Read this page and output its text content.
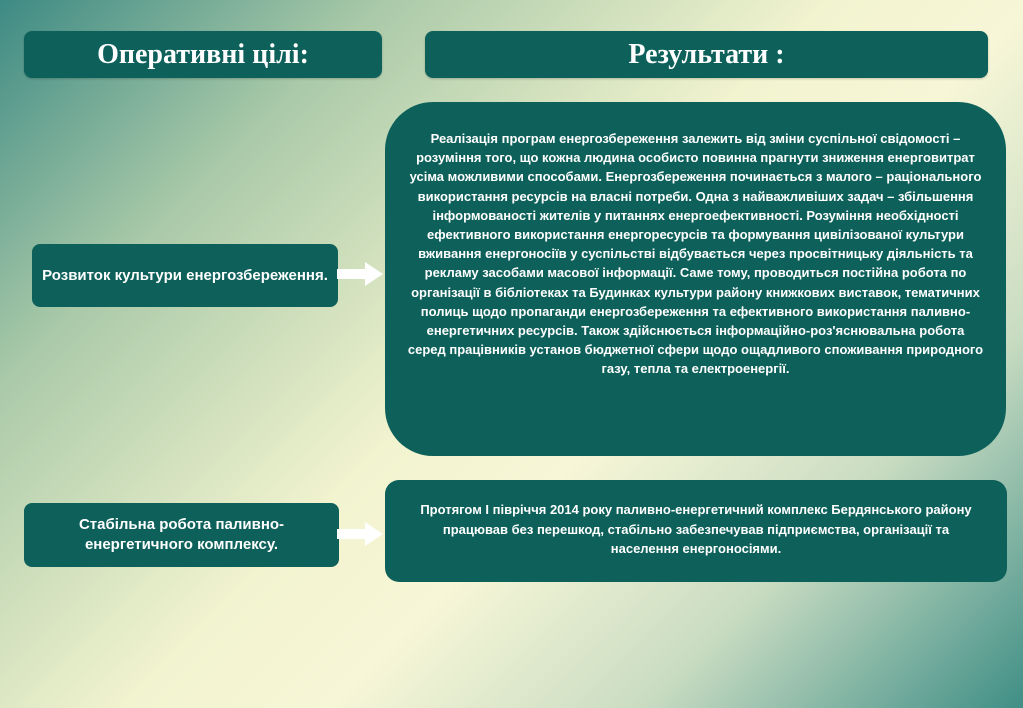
Оперативні цілі:	Результати :
Розвиток культури енергозбереження.
Реалізація програм енергозбереження залежить від зміни суспільної свідомості – розуміння того, що кожна людина особисто повинна прагнути зниження енерговитрат усіма можливими способами. Енергозбереження починається з малого – раціонального використання ресурсів на власні потреби. Одна з найважливіших задач – збільшення інформованості жителів у питаннях енергоефективності. Розуміння необхідності ефективного використання енергоресурсів та формування цивілізованої культури вживання енергоносіїв у суспільстві відбувається через просвітницьку діяльність та рекламу засобами масової інформації. Саме тому, проводиться постійна робота по організації в бібліотеках та Будинках культури району книжкових виставок, тематичних полиць щодо пропаганди енергозбереження та ефективного використання паливно-енергетичних ресурсів. Також здійснюється інформаційно-роз'яснювальна робота серед працівників установ бюджетної сфери щодо ощадливого споживання природного газу, тепла та електроенергії.
Стабільна робота паливно-енергетичного комплексу.
Протягом І півріччя 2014 року паливно-енергетичний комплекс Бердянського району працював без перешкод, стабільно забезпечував підприємства, організації та населення енергоносіями.
